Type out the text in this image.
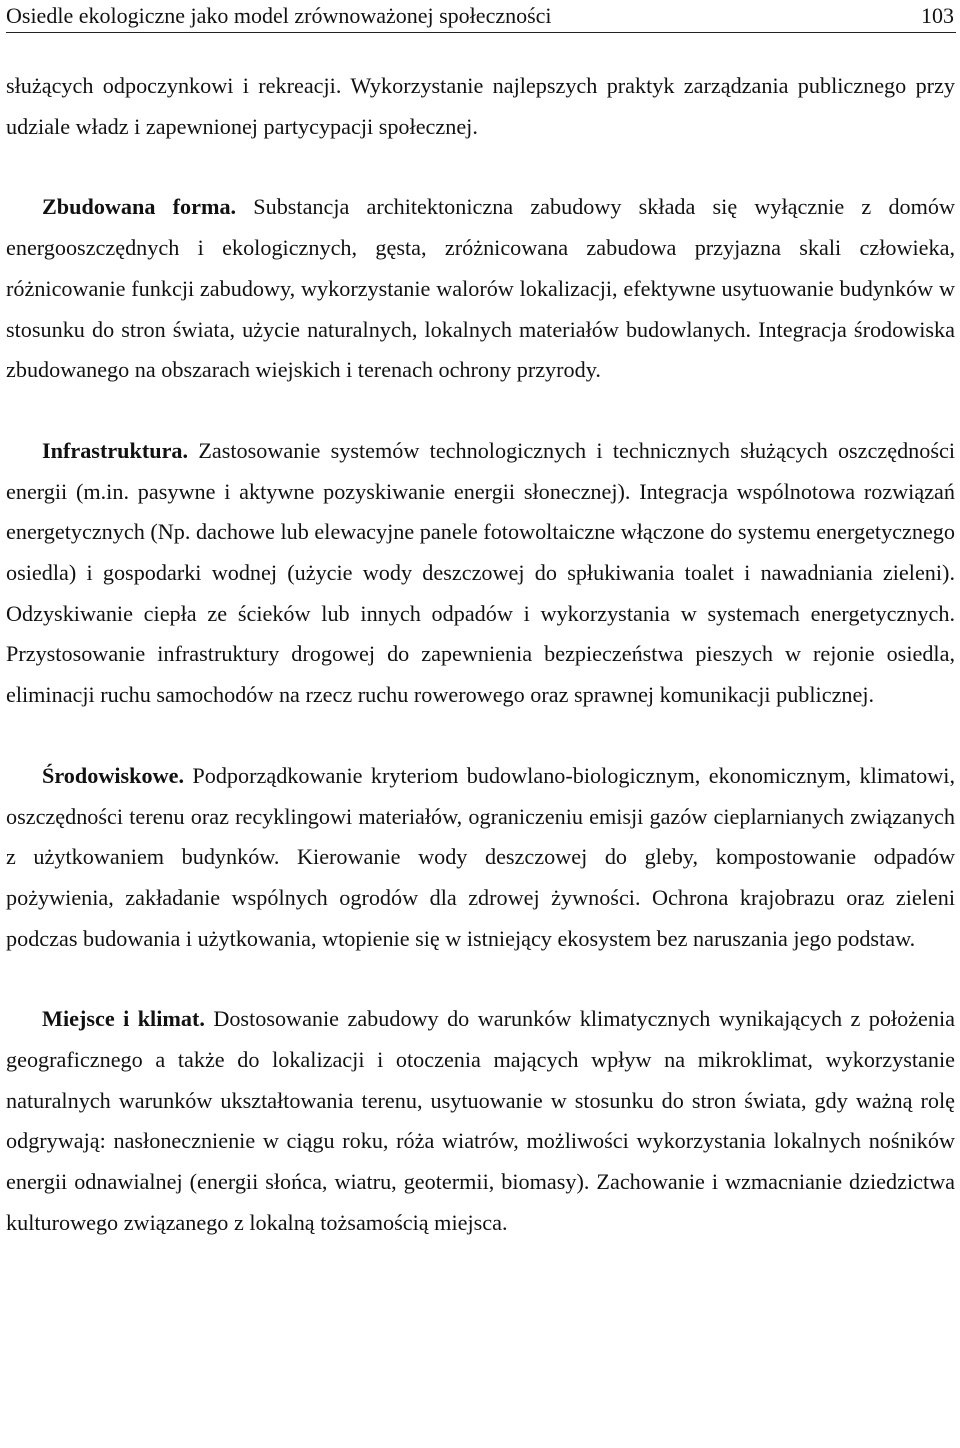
Osiedle ekologiczne jako model zrównoważonej społeczności	103

służących odpoczynkowi i rekreacji. Wykorzystanie najlepszych praktyk zarządzania publicznego przy udziale władz i zapewnionej partycypacji społecznej.

Zbudowana forma. Substancja architektoniczna zabudowy składa się wyłącznie z domów energooszczędnych i ekologicznych, gęsta, zróżnicowana zabudowa przyjazna skali człowieka, różnicowanie funkcji zabudowy, wykorzystanie walorów lokalizacji, efektywne usytuowanie budynków w stosunku do stron świata, użycie naturalnych, lokalnych materiałów budowlanych. Integracja środowiska zbudowanego na obszarach wiejskich i terenach ochrony przyrody.

Infrastruktura. Zastosowanie systemów technologicznych i technicznych służących oszczędności energii (m.in. pasywne i aktywne pozyskiwanie energii słonecznej). Integracja wspólnotowa rozwiązań energetycznych (Np. dachowe lub elewacyjne panele fotowoltaiczne włączone do systemu energetycznego osiedla) i gospodarki wodnej (użycie wody deszczowej do spłukiwania toalet i nawadniania zieleni). Odzyskiwanie ciepła ze ścieków lub innych odpadów i wykorzystania w systemach energetycznych. Przystosowanie infrastruktury drogowej do zapewnienia bezpieczeństwa pieszych w rejonie osiedla, eliminacji ruchu samochodów na rzecz ruchu rowerowego oraz sprawnej komunikacji publicznej.

Środowiskowe. Podporządkowanie kryteriom budowlano-biologicznym, ekonomicznym, klimatowi, oszczędności terenu oraz recyklingowi materiałów, ograniczeniu emisji gazów cieplarnianych związanych z użytkowaniem budynków. Kierowanie wody deszczowej do gleby, kompostowanie odpadów pożywienia, zakładanie wspólnych ogrodów dla zdrowej żywności. Ochrona krajobrazu oraz zieleni podczas budowania i użytkowania, wtopienie się w istniejący ekosystem bez naruszania jego podstaw.

Miejsce i klimat. Dostosowanie zabudowy do warunków klimatycznych wynikających z położenia geograficznego a także do lokalizacji i otoczenia mających wpływ na mikroklimat, wykorzystanie naturalnych warunków ukształtowania terenu, usytuowanie w stosunku do stron świata, gdy ważną rolę odgrywają: nasłonecznienie w ciągu roku, róża wiatrów, możliwości wykorzystania lokalnych nośników energii odnawialnej (energii słońca, wiatru, geotermii, biomasy). Zachowanie i wzmacnianie dziedzictwa kulturowego związanego z lokalną tożsamością miejsca.
